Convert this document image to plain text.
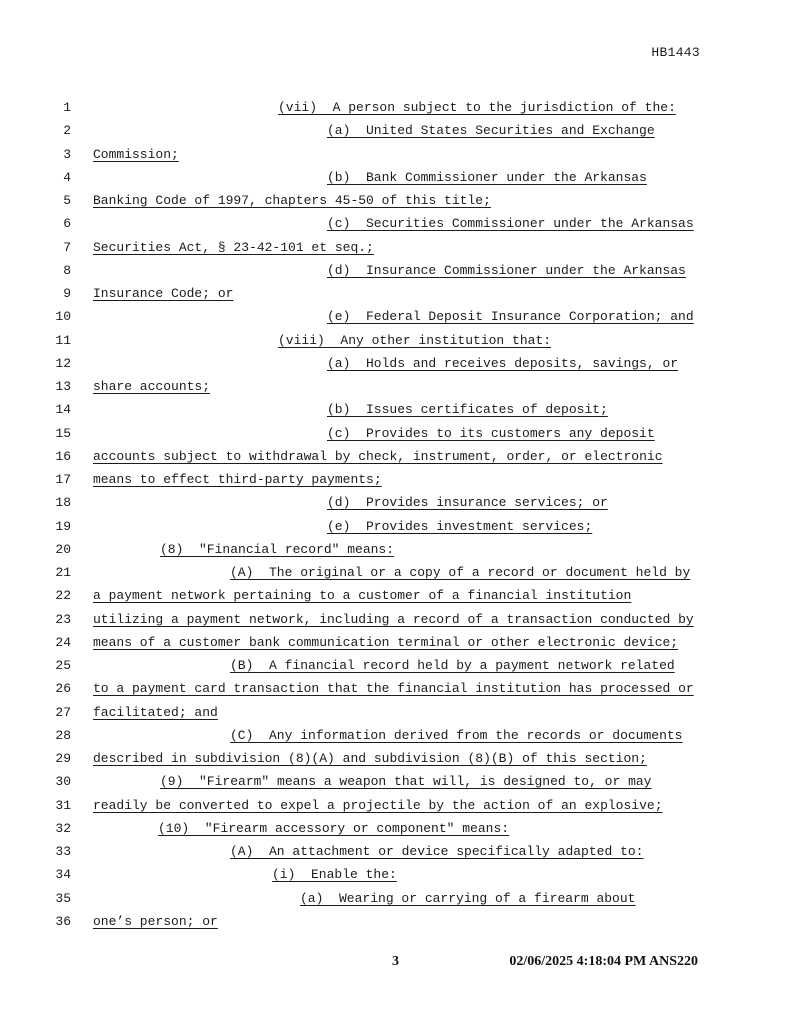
HB1443
1	(vii)  A person subject to the jurisdiction of the:
2	(a)  United States Securities and Exchange
3 Commission;
4	(b)  Bank Commissioner under the Arkansas
5 Banking Code of 1997, chapters 45-50 of this title;
6	(c)  Securities Commissioner under the Arkansas
7 Securities Act, § 23-42-101 et seq.;
8	(d)  Insurance Commissioner under the Arkansas
9 Insurance Code; or
10	(e)  Federal Deposit Insurance Corporation; and
11	(viii)  Any other institution that:
12	(a)  Holds and receives deposits, savings, or
13 share accounts;
14	(b)  Issues certificates of deposit;
15	(c)  Provides to its customers any deposit
16 accounts subject to withdrawal by check, instrument, order, or electronic
17 means to effect third-party payments;
18	(d)  Provides insurance services; or
19	(e)  Provides investment services;
20	(8)  "Financial record" means:
21	(A)  The original or a copy of a record or document held by
22 a payment network pertaining to a customer of a financial institution
23 utilizing a payment network, including a record of a transaction conducted by
24 means of a customer bank communication terminal or other electronic device;
25	(B)  A financial record held by a payment network related
26 to a payment card transaction that the financial institution has processed or
27 facilitated; and
28	(C)  Any information derived from the records or documents
29 described in subdivision (8)(A) and subdivision (8)(B) of this section;
30	(9)  "Firearm" means a weapon that will, is designed to, or may
31 readily be converted to expel a projectile by the action of an explosive;
32	(10)  "Firearm accessory or component" means:
33	(A)  An attachment or device specifically adapted to:
34	(i)  Enable the:
35	(a)  Wearing or carrying of a firearm about
36 one’s person; or
3	02/06/2025 4:18:04 PM ANS220
